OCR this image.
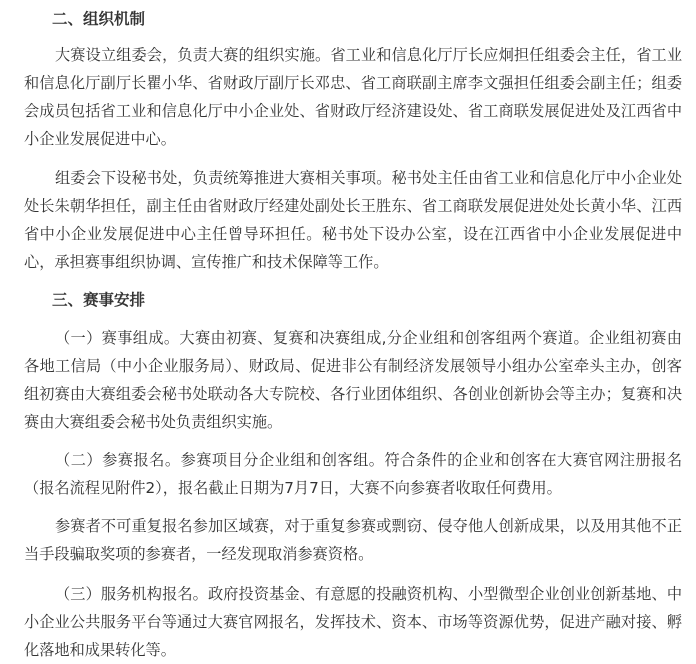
二、组织机制

大赛设立组委会，负责大赛的组织实施。省工业和信息化厅厅长应炯担任组委会主任，省工业和信息化厅副厅长瞿小华、省财政厅副厅长邓忠、省工商联副主席李文强担任组委会副主任；组委会成员包括省工业和信息化厅中小企业处、省财政厅经济建设处、省工商联发展促进处及江西省中小企业发展促进中心。

组委会下设秘书处，负责统筹推进大赛相关事项。秘书处主任由省工业和信息化厅中小企业处处长朱朝华担任，副主任由省财政厅经建处副处长王胜东、省工商联发展促进处处长黄小华、江西省中小企业发展促进中心主任曾导环担任。秘书处下设办公室，设在江西省中小企业发展促进中心，承担赛事组织协调、宣传推广和技术保障等工作。

三、赛事安排

（一）赛事组成。大赛由初赛、复赛和决赛组成,分企业组和创客组两个赛道。企业组初赛由各地工信局（中小企业服务局）、财政局、促进非公有制经济发展领导小组办公室牵头主办，创客组初赛由大赛组委会秘书处联动各大专院校、各行业团体组织、各创业创新协会等主办；复赛和决赛由大赛组委会秘书处负责组织实施。

（二）参赛报名。参赛项目分企业组和创客组。符合条件的企业和创客在大赛官网注册报名（报名流程见附件2），报名截止日期为7月7日，大赛不向参赛者收取任何费用。

参赛者不可重复报名参加区域赛，对于重复参赛或剽窃、侵夺他人创新成果，以及用其他不正当手段骗取奖项的参赛者，一经发现取消参赛资格。

（三）服务机构报名。政府投资基金、有意愿的投融资机构、小型微型企业创业创新基地、中小企业公共服务平台等通过大赛官网报名，发挥技术、资本、市场等资源优势，促进产融对接、孵化落地和成果转化等。
